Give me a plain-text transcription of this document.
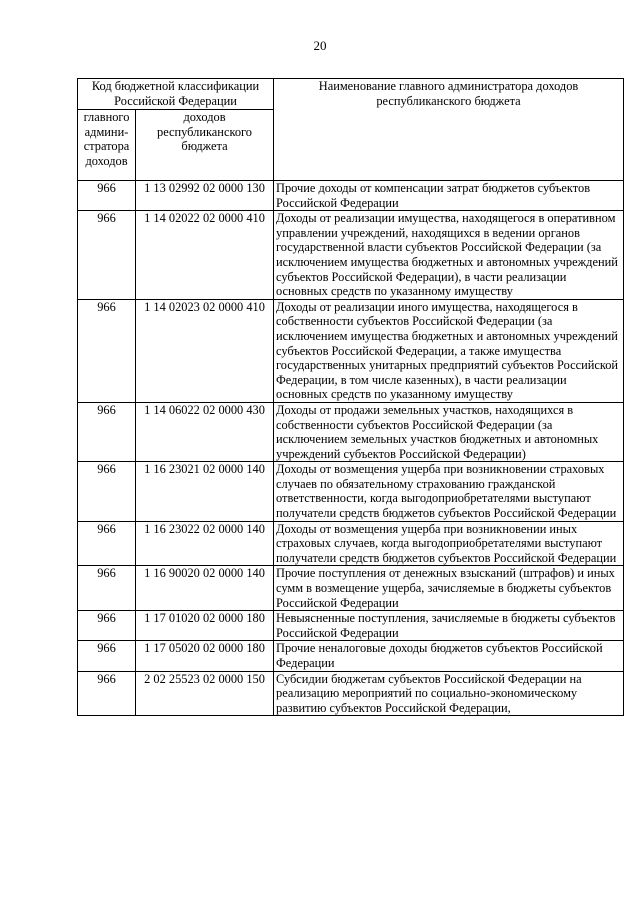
20
Код бюджетной классификации Российской Федерации		Наименование главного администратора доходов республиканского бюджета
главного админи-стратора доходов	доходов республиканского бюджета	
966	1 13 02992 02 0000 130	Прочие доходы от компенсации затрат бюджетов субъектов Российской Федерации
966	1 14 02022 02 0000 410	Доходы от реализации имущества, находящегося в оперативном управлении учреждений, находящихся в ведении органов государственной власти субъектов Российской Федерации (за исключением имущества бюджетных и автономных учреждений субъектов Российской Федерации), в части реализации основных средств по указанному имуществу
966	1 14 02023 02 0000 410	Доходы от реализации иного имущества, находящегося в собственности субъектов Российской Федерации (за исключением имущества бюджетных и автономных учреждений субъектов Российской Федерации, а также имущества государственных унитарных предприятий субъектов Российской Федерации, в том числе казенных), в части реализации основных средств по указанному имуществу
966	1 14 06022 02 0000 430	Доходы от продажи земельных участков, находящихся в собственности субъектов Российской Федерации (за исключением земельных участков бюджетных и автономных учреждений субъектов Российской Федерации)
966	1 16 23021 02 0000 140	Доходы от возмещения ущерба при возникновении страховых случаев по обязательному страхованию гражданской ответственности, когда выгодоприобретателями выступают получатели средств бюджетов субъектов Российской Федерации
966	1 16 23022 02 0000 140	Доходы от возмещения ущерба при возникновении иных страховых случаев, когда выгодоприобретателями выступают получатели средств бюджетов субъектов Российской Федерации
966	1 16 90020 02 0000 140	Прочие поступления от денежных взысканий (штрафов) и иных сумм в возмещение ущерба, зачисляемые в бюджеты субъектов Российской Федерации
966	1 17 01020 02 0000 180	Невыясненные поступления, зачисляемые в бюджеты субъектов Российской Федерации
966	1 17 05020 02 0000 180	Прочие неналоговые доходы бюджетов субъектов Российской Федерации
966	2 02 25523 02 0000 150	Субсидии бюджетам субъектов Российской Федерации на реализацию мероприятий по социально-экономическому развитию субъектов Российской Федерации,
